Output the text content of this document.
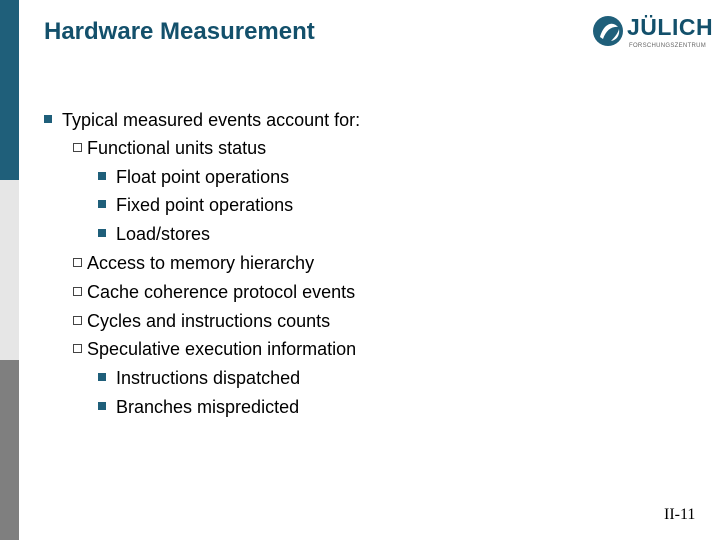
Hardware Measurement	JÜLICH
FORSCHUNGSZENTRUM
Typical measured events account for:
Functional units status
Float point operations
Fixed point operations
Load/stores
Access to memory hierarchy
Cache coherence protocol events
Cycles and instructions counts
Speculative execution information
Instructions dispatched
Branches mispredicted
II-11
